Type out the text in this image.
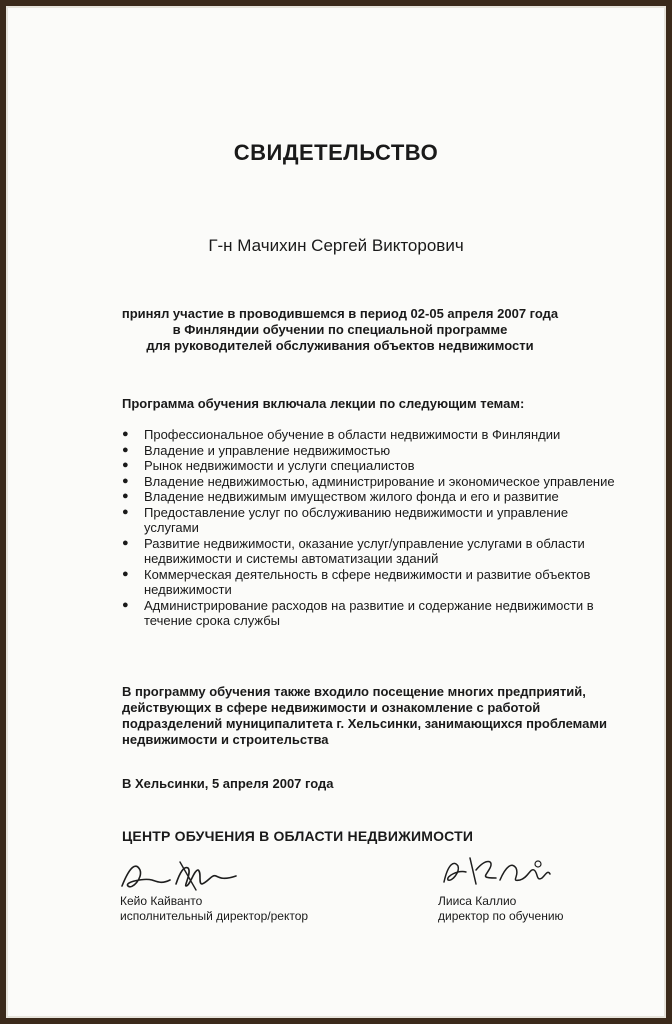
СВИДЕТЕЛЬСТВО
Г-н Мачихин Сергей Викторович
принял участие в проводившемся в период 02-05 апреля 2007 года
в Финляндии обучении по специальной программе
для руководителей обслуживания объектов недвижимости
Программа обучения включала лекции по следующим темам:
● Профессиональное обучение в области недвижимости в Финляндии
● Владение и управление недвижимостью
● Рынок недвижимости и услуги специалистов
● Владение недвижимостью, администрирование и экономическое управление
● Владение недвижимым имуществом жилого фонда и его и развитие
● Предоставление услуг по обслуживанию недвижимости и управление услугами
● Развитие недвижимости, оказание услуг/управление услугами в области недвижимости и системы автоматизации зданий
● Коммерческая деятельность в сфере недвижимости и развитие объектов недвижимости
● Администрирование расходов на развитие и содержание недвижимости в течение срока службы
В программу обучения также входило посещение многих предприятий, действующих в сфере недвижимости и ознакомление с работой подразделений муниципалитета г. Хельсинки, занимающихся проблемами недвижимости и строительства
В Хельсинки, 5 апреля 2007 года
ЦЕНТР ОБУЧЕНИЯ В ОБЛАСТИ НЕДВИЖИМОСТИ
Кейо Кайванто
исполнительный директор/ректор
Лииса Каллио
директор по обучению
